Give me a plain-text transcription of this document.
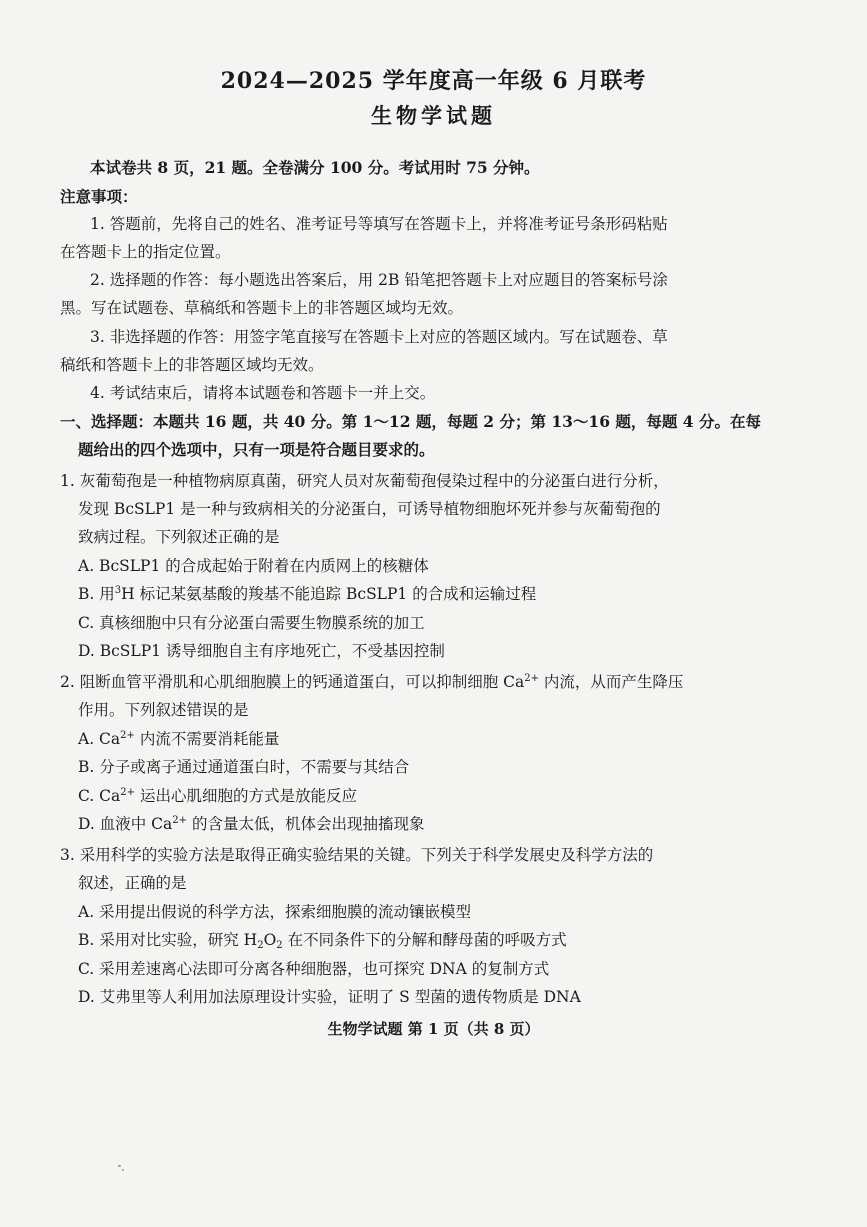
2024—2025 学年度高一年级 6 月联考
生物学试题
本试卷共 8 页，21 题。全卷满分 100 分。考试用时 75 分钟。
注意事项：
1. 答题前，先将自己的姓名、准考证号等填写在答题卡上，并将准考证号条形码粘贴
在答题卡上的指定位置。
2. 选择题的作答：每小题选出答案后，用 2B 铅笔把答题卡上对应题目的答案标号涂
黑。写在试题卷、草稿纸和答题卡上的非答题区域均无效。
3. 非选择题的作答：用签字笔直接写在答题卡上对应的答题区域内。写在试题卷、草
稿纸和答题卡上的非答题区域均无效。
4. 考试结束后，请将本试题卷和答题卡一并上交。
一、选择题：本题共 16 题，共 40 分。第 1～12 题，每题 2 分；第 13～16 题，每题 4 分。在每
题给出的四个选项中，只有一项是符合题目要求的。
1. 灰葡萄孢是一种植物病原真菌，研究人员对灰葡萄孢侵染过程中的分泌蛋白进行分析，
发现 BcSLP1 是一种与致病相关的分泌蛋白，可诱导植物细胞坏死并参与灰葡萄孢的
致病过程。下列叙述正确的是
A. BcSLP1 的合成起始于附着在内质网上的核糖体
B. 用$^3$H 标记某氨基酸的羧基不能追踪 BcSLP1 的合成和运输过程
C. 真核细胞中只有分泌蛋白需要生物膜系统的加工
D. BcSLP1 诱导细胞自主有序地死亡，不受基因控制
2. 阻断血管平滑肌和心肌细胞膜上的钙通道蛋白，可以抑制细胞 $Ca^{2+}$ 内流，从而产生降压
作用。下列叙述错误的是
A. $Ca^{2+}$ 内流不需要消耗能量
B. 分子或离子通过通道蛋白时，不需要与其结合
C. $Ca^{2+}$ 运出心肌细胞的方式是放能反应
D. 血液中 $Ca^{2+}$ 的含量太低，机体会出现抽搐现象
3. 采用科学的实验方法是取得正确实验结果的关键。下列关于科学发展史及科学方法的
叙述，正确的是
A. 采用提出假说的科学方法，探索细胞膜的流动镶嵌模型
B. 采用对比实验，研究 $H_2O_2$ 在不同条件下的分解和酵母菌的呼吸方式
C. 采用差速离心法即可分离各种细胞器，也可探究 DNA 的复制方式
D. 艾弗里等人利用加法原理设计实验，证明了 S 型菌的遗传物质是 DNA
生物学试题 第 1 页（共 8 页）
